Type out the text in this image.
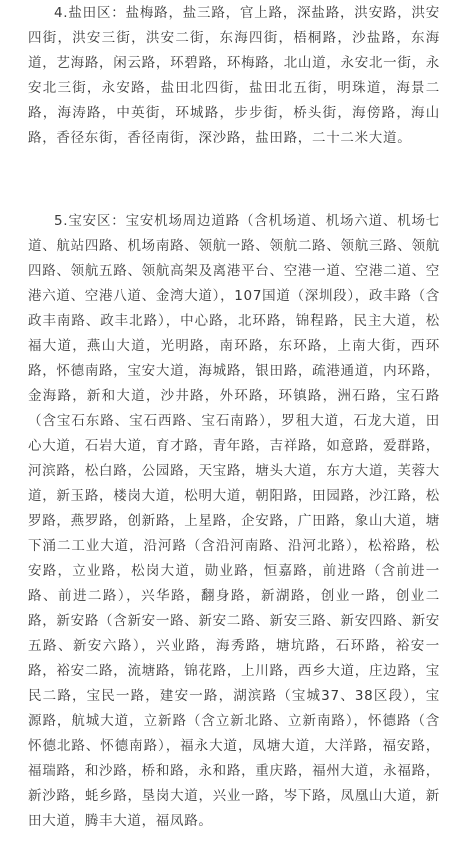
4.盐田区：盐梅路，盐三路，官上路，深盐路，洪安路，洪安四街，洪安三街，洪安二街，东海四街，梧桐路，沙盐路，东海道，艺海路，闲云路，环碧路，环梅路，北山道，永安北一街，永安北三街，永安路，盐田北四街，盐田北五街，明珠道，海景二路，海涛路，中英街，环城路，步步街，桥头街，海傍路，海山路，香径东街，香径南街，深沙路，盐田路，二十二米大道。

5.宝安区：宝安机场周边道路（含机场道、机场六道、机场七道、航站四路、机场南路、领航一路、领航二路、领航三路、领航四路、领航五路、领航高架及离港平台、空港一道、空港二道、空港六道、空港八道、金湾大道），107国道（深圳段），政丰路（含政丰南路、政丰北路），中心路，北环路，锦程路，民主大道，松福大道，燕山大道，光明路，南环路，东环路，上南大街，西环路，怀德南路，宝安大道，海城路，银田路，疏港通道，内环路，金海路，新和大道，沙井路，外环路，环镇路，洲石路，宝石路（含宝石东路、宝石西路、宝石南路），罗租大道，石龙大道，田心大道，石岩大道，育才路，青年路，吉祥路，如意路，爱群路，河滨路，松白路，公园路，天宝路，塘头大道，东方大道，芙蓉大道，新玉路，楼岗大道，松明大道，朝阳路，田园路，沙江路，松罗路，燕罗路，创新路，上星路，企安路，广田路，象山大道，塘下涌二工业大道，沿河路（含沿河南路、沿河北路），松裕路，松安路，立业路，松岗大道，勋业路，恒嘉路，前进路（含前进一路、前进二路），兴华路，翻身路，新湖路，创业一路，创业二路，新安路（含新安一路、新安二路、新安三路、新安四路、新安五路、新安六路），兴业路，海秀路，塘坑路，石环路，裕安一路，裕安二路，流塘路，锦花路，上川路，西乡大道，庄边路，宝民二路，宝民一路，建安一路，湖滨路（宝城37、38区段），宝源路，航城大道，立新路（含立新北路、立新南路），怀德路（含怀德北路、怀德南路），福永大道，凤塘大道，大洋路，福安路，福瑞路，和沙路，桥和路，永和路，重庆路，福州大道，永福路，新沙路，蚝乡路，垦岗大道，兴业一路，岑下路，凤凰山大道，新田大道，腾丰大道，福凤路。
